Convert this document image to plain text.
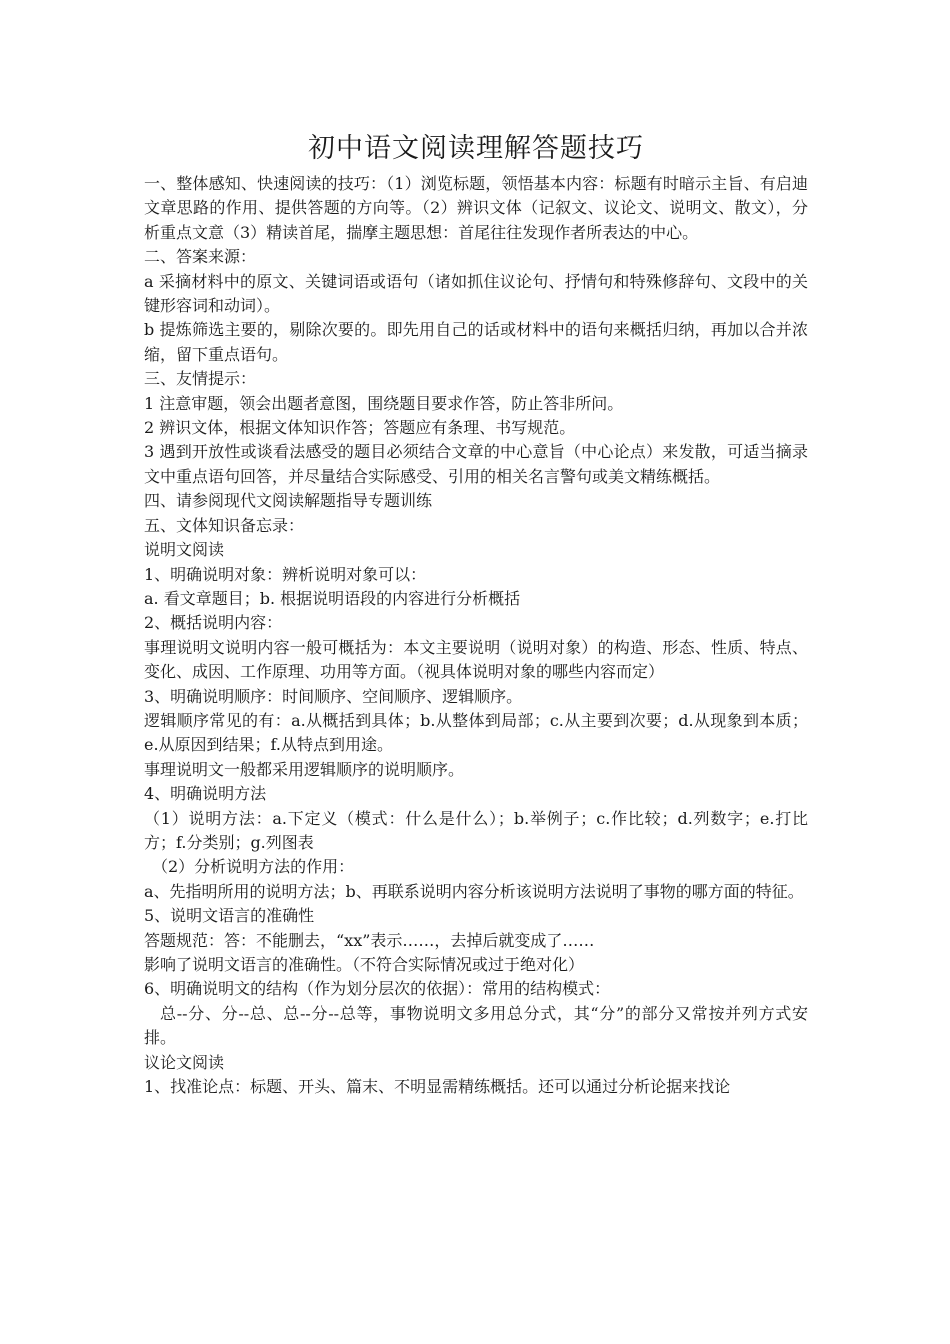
初中语文阅读理解答题技巧

一、整体感知、快速阅读的技巧：（1）浏览标题，领悟基本内容：标题有时暗示主旨、有启迪文章思路的作用、提供答题的方向等。（2）辨识文体（记叙文、议论文、说明文、散文），分析重点文意（3）精读首尾，揣摩主题思想：首尾往往发现作者所表达的中心。

二、答案来源：

a 采摘材料中的原文、关键词语或语句（诸如抓住议论句、抒情句和特殊修辞句、文段中的关键形容词和动词）。

b 提炼筛选主要的，剔除次要的。即先用自己的话或材料中的语句来概括归纳，再加以合并浓缩，留下重点语句。

三、友情提示：

1 注意审题，领会出题者意图，围绕题目要求作答，防止答非所问。

2 辨识文体，根据文体知识作答；答题应有条理、书写规范。

3 遇到开放性或谈看法感受的题目必须结合文章的中心意旨（中心论点）来发散，可适当摘录文中重点语句回答，并尽量结合实际感受、引用的相关名言警句或美文精练概括。

四、请参阅现代文阅读解题指导专题训练

五、文体知识备忘录：

说明文阅读

1、明确说明对象：辨析说明对象可以：

a. 看文章题目；b. 根据说明语段的内容进行分析概括

2、概括说明内容：

事理说明文说明内容一般可概括为：本文主要说明（说明对象）的构造、形态、性质、特点、变化、成因、工作原理、功用等方面。（视具体说明对象的哪些内容而定）

3、明确说明顺序：时间顺序、空间顺序、逻辑顺序。

逻辑顺序常见的有：a.从概括到具体；b.从整体到局部；c.从主要到次要；d.从现象到本质；e.从原因到结果；f.从特点到用途。

事理说明文一般都采用逻辑顺序的说明顺序。

4、明确说明方法

（1）说明方法：a.下定义（模式：什么是什么）；b.举例子；c.作比较；d.列数字；e.打比方；f.分类别；g.列图表

（2）分析说明方法的作用：

a、先指明所用的说明方法；b、再联系说明内容分析该说明方法说明了事物的哪方面的特征。

5、说明文语言的准确性

答题规范：答：不能删去，“xx”表示……，去掉后就变成了……

影响了说明文语言的准确性。（不符合实际情况或过于绝对化）

6、明确说明文的结构（作为划分层次的依据）：常用的结构模式：

总--分、分--总、总--分--总等，事物说明文多用总分式，其“分”的部分又常按并列方式安排。

议论文阅读

1、找准论点：标题、开头、篇末、不明显需精练概括。还可以通过分析论据来找论
